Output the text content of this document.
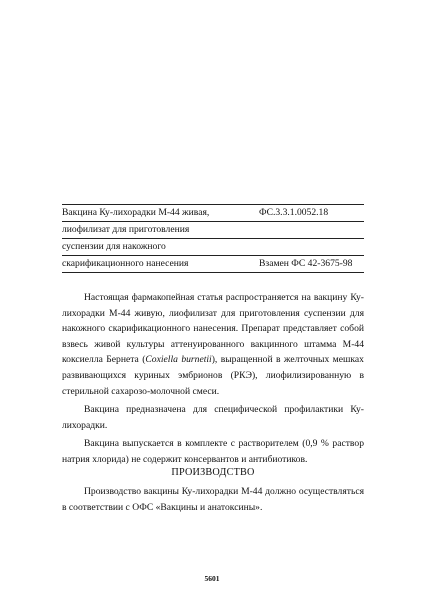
Вакцина Ку-лихорадки М-44 живая,	ФС.3.3.1.0052.18
лиофилизат для приготовления
суспензии для накожного
скарификационного нанесения	Взамен ФС 42-3675-98

Настоящая фармакопейная статья распространяется на вакцину Ку-лихорадки М-44 живую, лиофилизат для приготовления суспензии для накожного скарификационного нанесения. Препарат представляет собой взвесь живой культуры аттенуированного вакцинного штамма М-44 коксиелла Бернета (Coxiella burnetii), выращенной в желточных мешках развивающихся куриных эмбрионов (РКЭ), лиофилизированную в стерильной сахарозо-молочной смеси.

Вакцина предназначена для специфической профилактики Ку-лихорадки.

Вакцина выпускается в комплекте с растворителем (0,9 % раствор натрия хлорида) не содержит консервантов и антибиотиков.

ПРОИЗВОДСТВО

Производство вакцины Ку-лихорадки М-44 должно осуществляться в соответствии с ОФС «Вакцины и анатоксины».

5601
